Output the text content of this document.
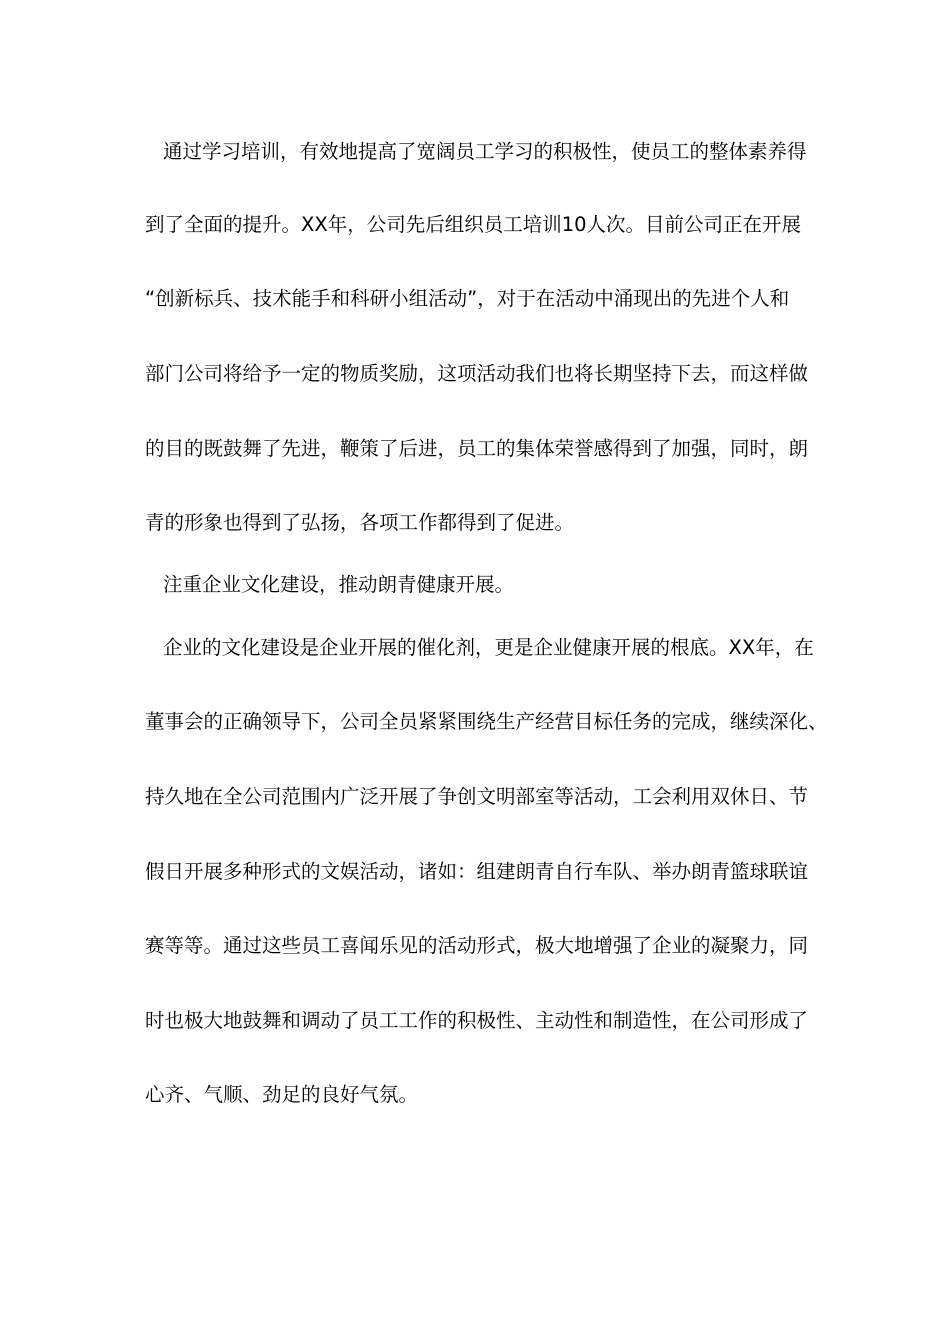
通过学习培训，有效地提高了宽阔员工学习的积极性，使员工的整体素养得
到了全面的提升。XX年，公司先后组织员工培训10人次。目前公司正在开展
“创新标兵、技术能手和科研小组活动”，对于在活动中涌现出的先进个人和
部门公司将给予一定的物质奖励，这项活动我们也将长期坚持下去，而这样做
的目的既鼓舞了先进，鞭策了后进，员工的集体荣誉感得到了加强，同时，朗
青的形象也得到了弘扬，各项工作都得到了促进。
注重企业文化建设，推动朗青健康开展。
企业的文化建设是企业开展的催化剂，更是企业健康开展的根底。XX年，在
董事会的正确领导下，公司全员紧紧围绕生产经营目标任务的完成，继续深化、
持久地在全公司范围内广泛开展了争创文明部室等活动，工会利用双休日、节
假日开展多种形式的文娱活动，诸如：组建朗青自行车队、举办朗青篮球联谊
赛等等。通过这些员工喜闻乐见的活动形式，极大地增强了企业的凝聚力，同
时也极大地鼓舞和调动了员工工作的积极性、主动性和制造性，在公司形成了
心齐、气顺、劲足的良好气氛。
